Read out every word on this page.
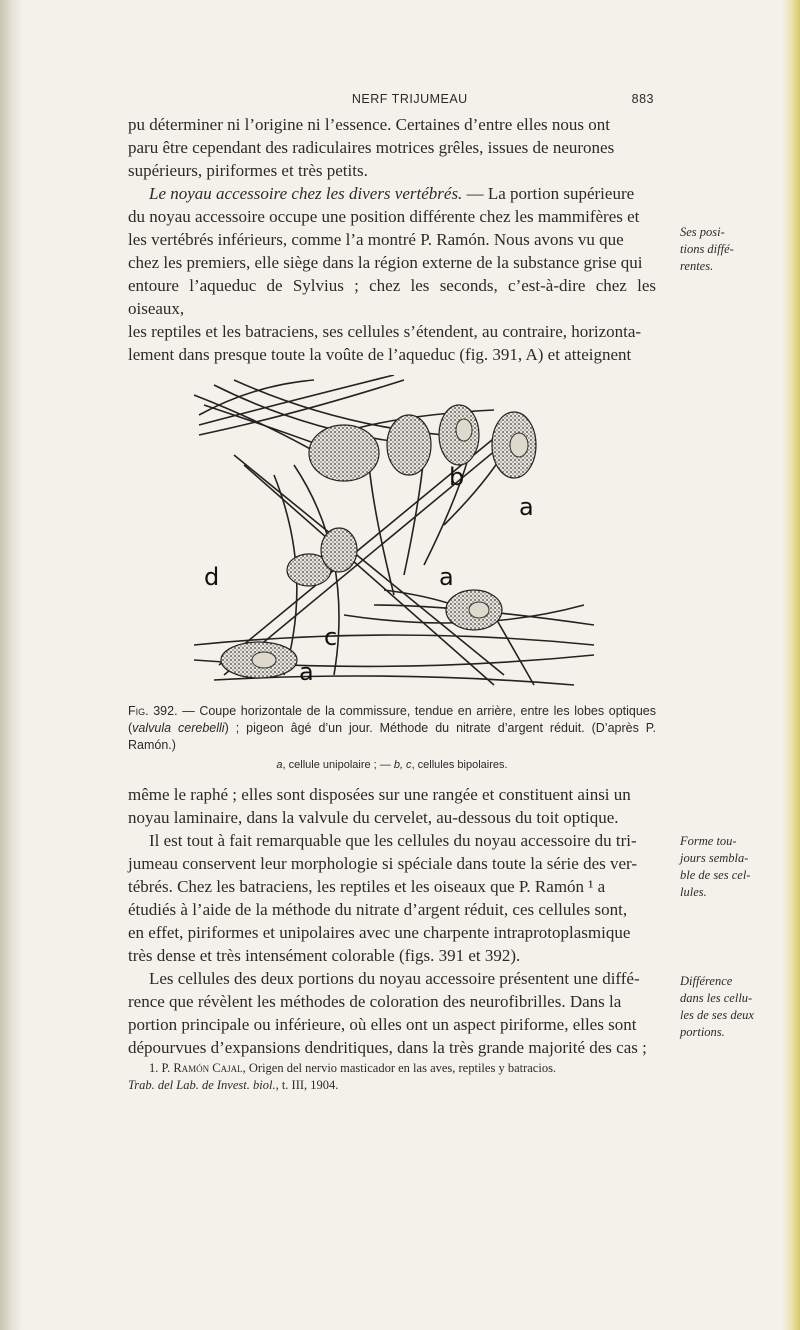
NERF TRIJUMEAU	883
pu déterminer ni l’origine ni l’essence. Certaines d’entre elles nous ont
paru être cependant des radiculaires motrices grêles, issues de neurones
supérieurs, piriformes et très petits.
Le noyau accessoire chez les divers vertébrés. — La portion supérieure
du noyau accessoire occupe une position différente chez les mammifères et
les vertébrés inférieurs, comme l’a montré P. Ramón. Nous avons vu que
chez les premiers, elle siège dans la région externe de la substance grise qui
entoure l’aqueduc de Sylvius ; chez les seconds, c’est-à-dire chez les oiseaux,
les reptiles et les batraciens, ses cellules s’étendent, au contraire, horizonta-
lement dans presque toute la voûte de l’aqueduc (fig. 391, A) et atteignent
Ses posi-
tions diffé-
rentes.
a
b
d	a
c
a
Fig. 392. — Coupe horizontale de la commissure, tendue en arrière, entre les lobes optiques (valvula cerebelli) ; pigeon âgé d’un jour. Méthode du nitrate d’argent réduit. (D’après P. Ramón.)
a, cellule unipolaire ; — b, c, cellules bipolaires.
même le raphé ; elles sont disposées sur une rangée et constituent ainsi un
noyau laminaire, dans la valvule du cervelet, au-dessous du toit optique.
Il est tout à fait remarquable que les cellules du noyau accessoire du tri-
jumeau conservent leur morphologie si spéciale dans toute la série des ver-
tébrés. Chez les batraciens, les reptiles et les oiseaux que P. Ramón ¹ a
étudiés à l’aide de la méthode du nitrate d’argent réduit, ces cellules sont,
en effet, piriformes et unipolaires avec une charpente intraprotoplasmique
très dense et très intensément colorable (figs. 391 et 392).
Forme tou-
jours sembla-
ble de ses cel-
lules.
Les cellules des deux portions du noyau accessoire présentent une diffé-
rence que révèlent les méthodes de coloration des neurofibrilles. Dans la
portion principale ou inférieure, où elles ont un aspect piriforme, elles sont
dépourvues d’expansions dendritiques, dans la très grande majorité des cas ;
Différence
dans les cellu-
les de ses deux
portions.
1. P. Ramón Cajal, Origen del nervio masticador en las aves, reptiles y batracios.
Trab. del Lab. de Invest. biol., t. III, 1904.
